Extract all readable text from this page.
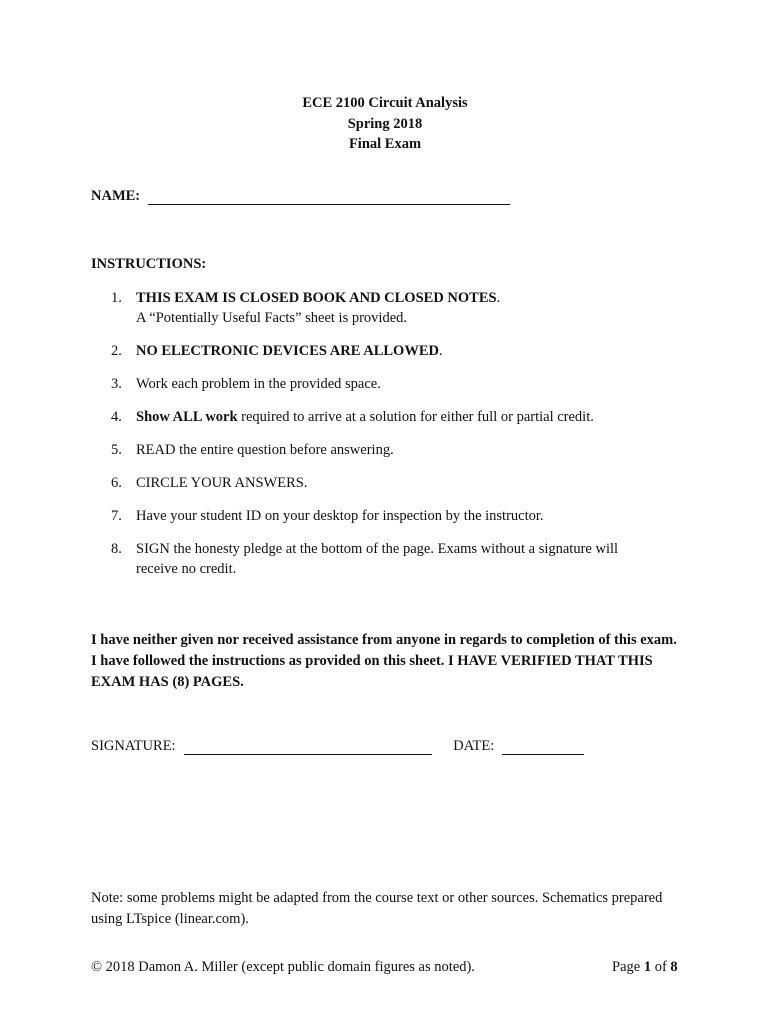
ECE 2100 Circuit Analysis
Spring 2018
Final Exam
NAME:
INSTRUCTIONS:
1. THIS EXAM IS CLOSED BOOK AND CLOSED NOTES.
A “Potentially Useful Facts” sheet is provided.
2. NO ELECTRONIC DEVICES ARE ALLOWED.
3. Work each problem in the provided space.
4. Show ALL work required to arrive at a solution for either full or partial credit.
5. READ the entire question before answering.
6. CIRCLE YOUR ANSWERS.
7. Have your student ID on your desktop for inspection by the instructor.
8. SIGN the honesty pledge at the bottom of the page. Exams without a signature will
receive no credit.
I have neither given nor received assistance from anyone in regards to completion of this exam. I have followed the instructions as provided on this sheet. I HAVE VERIFIED THAT THIS EXAM HAS (8) PAGES.
SIGNATURE:	DATE:
Note: some problems might be adapted from the course text or other sources. Schematics prepared using LTspice (linear.com).
© 2018 Damon A. Miller (except public domain figures as noted).	Page 1 of 8
